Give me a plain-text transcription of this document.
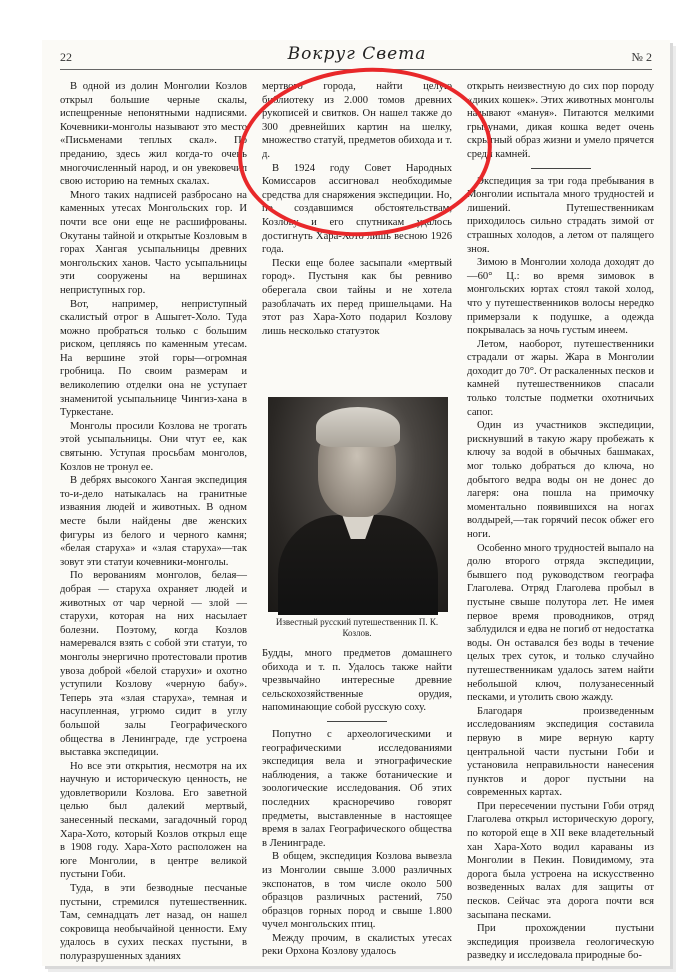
22	Вокруг Света	№ 2

В одной из долин Монголии Козлов открыл большие черные скалы, испещренные непонятными надписями. Кочевники-монголы называют это место «Письменами теплых скал». По преданию, здесь жил когда-то очень многочисленный народ, и он увековечил свою историю на темных скалах.

Много таких надписей разбросано на каменных утесах Монгольских гор. И почти все они еще не расшифрованы. Окутаны тайной и открытые Козловым в горах Хангая усыпальницы древних монгольских ханов. Часто усыпальницы эти сооружены на вершинах неприступных гор.

Вот, например, неприступный скалистый отрог в Ашыгет-Холо. Туда можно пробраться только с большим риском, цепляясь по каменным утесам. На вершине этой горы—огромная гробница. По своим размерам и великолепию отделки она не уступает знаменитой усыпальнице Чингиз-хана в Туркестане.

Монголы просили Козлова не трогать этой усыпальницы. Они чтут ее, как святыню. Уступая просьбам монголов, Козлов не тронул ее.

В дебрях высокого Хангая экспедиция то-и-дело натыкалась на гранитные изваяния людей и животных. В одном месте были найдены две женских фигуры из белого и черного камня; «белая старуха» и «злая старуха»—так зовут эти статуи кочевники-монголы.

По верованиям монголов, белая—добрая — старуха охраняет людей и животных от чар черной — злой — старухи, которая на них насылает болезни. Поэтому, когда Козлов намеревался взять с собой эти статуи, то монголы энергично протестовали против увоза доброй «белой старухи» и охотно уступили Козлову «черную бабу». Теперь эта «злая старуха», темная и насупленная, угрюмо сидит в углу большой залы Географического общества в Ленинграде, где устроена выставка экспедиции.

Но все эти открытия, несмотря на их научную и историческую ценность, не удовлетворили Козлова. Его заветной целью был далекий мертвый, занесенный песками, загадочный город Хара-Хото, который Козлов открыл еще в 1908 году. Хара-Хото расположен на юге Монголии, в центре великой пустыни Гоби.

Туда, в эти безводные песчаные пустыни, стремился путешественник. Там, семнадцать лет назад, он нашел сокровища необычайной ценности. Ему удалось в сухих песках пустыни, в полуразрушенных зданиях

мертвого города, найти целую библиотеку из 2.000 томов древних рукописей и свитков. Он нашел также до 300 древнейших картин на шелку, множество статуй, предметов обихода и т. д.

В 1924 году Совет Народных Комиссаров ассигновал необходимые средства для снаряжения экспедиции. Но, по создавшимся обстоятельствам, Козлову и его спутникам удалось достигнуть Хара-Хото лишь весною 1926 года.

Пески еще более засыпали «мертвый город». Пустыня как бы ревниво оберегала свои тайны и не хотела разоблачать их перед пришельцами. На этот раз Хара-Хото подарил Козлову лишь несколько статуэток

Известный русский путешественник П. К. Козлов.

Будды, много предметов домашнего обихода и т. п. Удалось также найти чрезвычайно интересные древние сельскохозяйственные орудия, напоминающие собой русскую соху.

Попутно с археологическими и географическими исследованиями экспедиция вела и этнографические наблюдения, а также ботанические и зоологические исследования. Об этих последних красноречиво говорят предметы, выставленные в настоящее время в залах Географического общества в Ленинграде.

В общем, экспедиция Козлова вывезла из Монголии свыше 3.000 различных экспонатов, в том числе около 500 образцов различных растений, 750 образцов горных пород и свыше 1.800 чучел монгольских птиц.

Между прочим, в скалистых утесах реки Орхона Козлову удалось

открыть неизвестную до сих пор породу «диких кошек». Этих животных монголы называют «мануя». Питаются мелкими грызунами, дикая кошка ведет очень скрытный образ жизни и умело прячется среди камней.

Экспедиция за три года пребывания в Монголии испытала много трудностей и лишений. Путешественникам приходилось сильно страдать зимой от страшных холодов, а летом от палящего зноя.

Зимою в Монголии холода доходят до—60° Ц.: во время зимовок в монгольских юртах стоял такой холод, что у путешественников волосы нередко примерзали к подушке, а одежда покрывалась за ночь густым инеем.

Летом, наоборот, путешественники страдали от жары. Жара в Монголии доходит до 70°. От раскаленных песков и камней путешественников спасали только толстые подметки охотничьих сапог.

Один из участников экспедиции, рискнувший в такую жару пробежать к ключу за водой в обычных башмаках, мог только добраться до ключа, но добытого ведра воды он не донес до лагеря: она пошла на примочку моментально появившихся на ногах волдырей,—так горячий песок обжег его ноги.

Особенно много трудностей выпало на долю второго отряда экспедиции, бывшего под руководством географа Глаголева. Отряд Глаголева пробыл в пустыне свыше полутора лет. Не имея первое время проводников, отряд заблудился и едва не погиб от недостатка воды. Он оставался без воды в течение целых трех суток, и только случайно путешественникам удалось затем найти небольшой ключ, полузанесенный песками, и утолить свою жажду.

Благодаря произведенным исследованиям экспедиция составила первую в мире верную карту центральной части пустыни Гоби и установила неправильности нанесения пунктов и дорог пустыни на современных картах.

При пересечении пустыни Гоби отряд Глаголева открыл историческую дорогу, по которой еще в XII веке владетельный хан Хара-Хото водил караваны из Монголии в Пекин. Повидимому, эта дорога была устроена на искусственно возведенных валах для защиты от песков. Сейчас эта дорога почти вся засыпана песками.

При прохождении пустыни экспедиция произвела геологическую разведку и исследовала природные бо-
